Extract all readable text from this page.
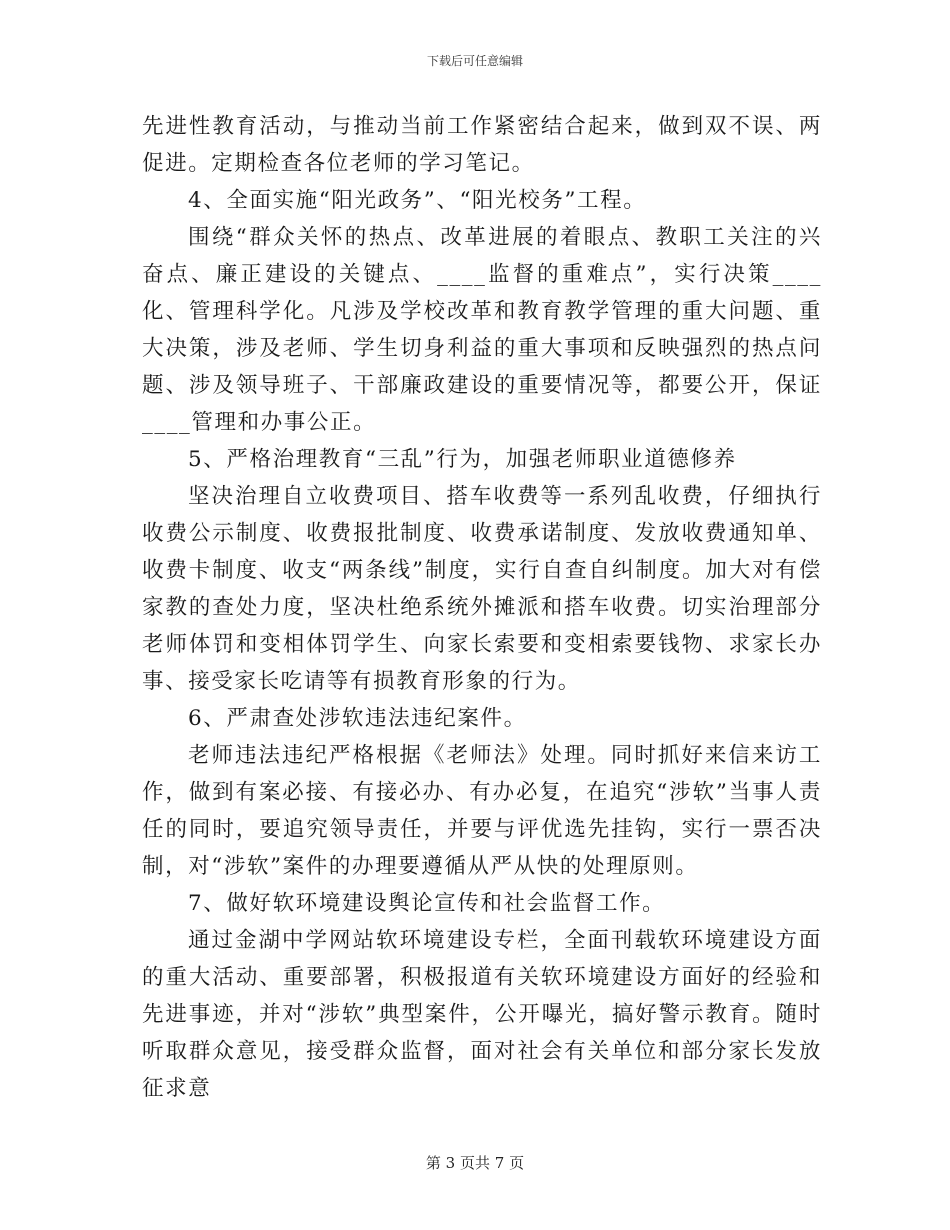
下载后可任意编辑

先进性教育活动，与推动当前工作紧密结合起来，做到双不误、两促进。定期检查各位老师的学习笔记。

4、全面实施“阳光政务”、“阳光校务”工程。

围绕“群众关怀的热点、改革进展的着眼点、教职工关注的兴奋点、廉正建设的关键点、____监督的重难点”，实行决策____化、管理科学化。凡涉及学校改革和教育教学管理的重大问题、重大决策，涉及老师、学生切身利益的重大事项和反映强烈的热点问题、涉及领导班子、干部廉政建设的重要情况等，都要公开，保证____管理和办事公正。

5、严格治理教育“三乱”行为，加强老师职业道德修养

坚决治理自立收费项目、搭车收费等一系列乱收费，仔细执行收费公示制度、收费报批制度、收费承诺制度、发放收费通知单、收费卡制度、收支“两条线”制度，实行自查自纠制度。加大对有偿家教的查处力度，坚决杜绝系统外摊派和搭车收费。切实治理部分老师体罚和变相体罚学生、向家长索要和变相索要钱物、求家长办事、接受家长吃请等有损教育形象的行为。

6、严肃查处涉软违法违纪案件。

老师违法违纪严格根据《老师法》处理。同时抓好来信来访工作，做到有案必接、有接必办、有办必复，在追究“涉软”当事人责任的同时，要追究领导责任，并要与评优选先挂钩，实行一票否决制，对“涉软”案件的办理要遵循从严从快的处理原则。

7、做好软环境建设舆论宣传和社会监督工作。

通过金湖中学网站软环境建设专栏，全面刊载软环境建设方面的重大活动、重要部署，积极报道有关软环境建设方面好的经验和先进事迹，并对“涉软”典型案件，公开曝光，搞好警示教育。随时听取群众意见，接受群众监督，面对社会有关单位和部分家长发放征求意

第 3 页共 7 页
